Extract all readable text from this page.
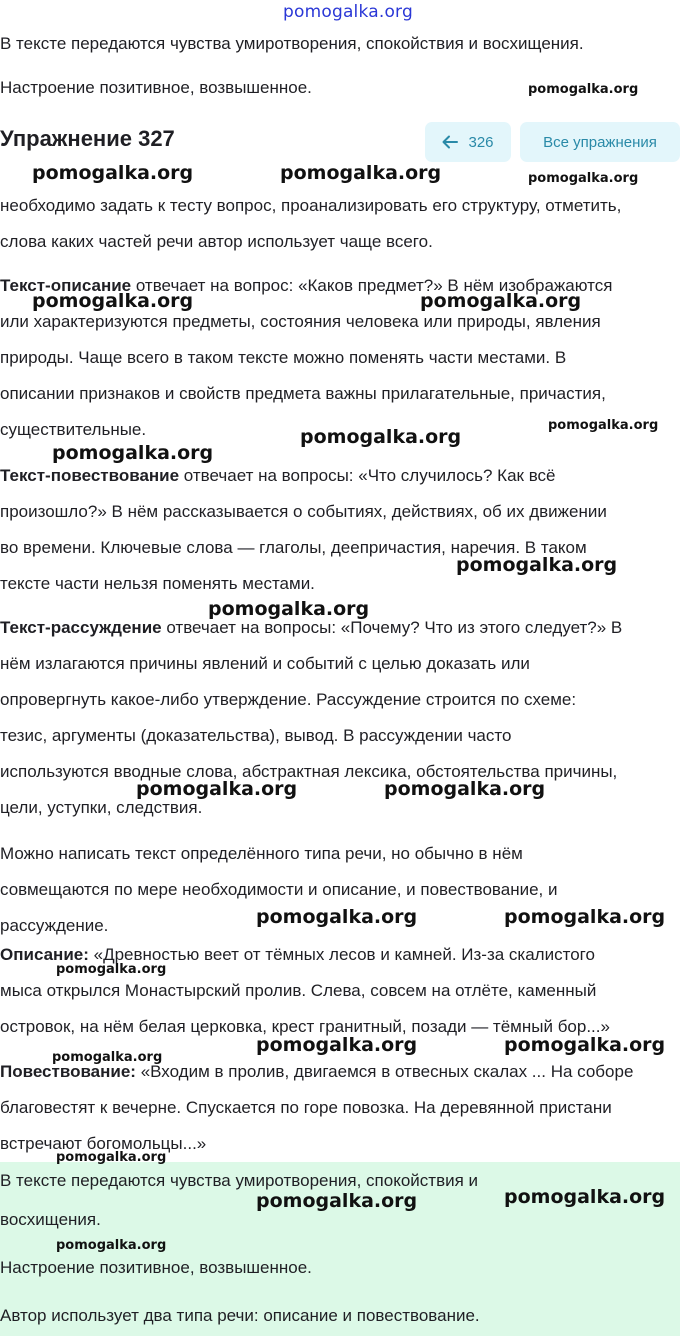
pomogalka.org

В тексте передаются чувства умиротворения, спокойствия и восхищения.

Настроение позитивное, возвышенное.

Упражнение 327	326	Все упражнения

необходимо задать к тесту вопрос, проанализировать его структуру, отметить,

слова каких частей речи автор использует чаще всего.

Текст-описание отвечает на вопрос: «Каков предмет?» В нём изображаются

или характеризуются предметы, состояния человека или природы, явления

природы. Чаще всего в таком тексте можно поменять части местами. В

описании признаков и свойств предмета важны прилагательные, причастия,

существительные.

Текст-повествование отвечает на вопросы: «Что случилось? Как всё

произошло?» В нём рассказывается о событиях, действиях, об их движении

во времени. Ключевые слова — глаголы, деепричастия, наречия. В таком

тексте части нельзя поменять местами.

Текст-рассуждение отвечает на вопросы: «Почему? Что из этого следует?» В

нём излагаются причины явлений и событий с целью доказать или

опровергнуть какое-либо утверждение. Рассуждение строится по схеме:

тезис, аргументы (доказательства), вывод. В рассуждении часто

используются вводные слова, абстрактная лексика, обстоятельства причины,

цели, уступки, следствия.

Можно написать текст определённого типа речи, но обычно в нём

совмещаются по мере необходимости и описание, и повествование, и

рассуждение.

Описание: «Древностью веет от тёмных лесов и камней. Из-за скалистого

мыса открылся Монастырский пролив. Слева, совсем на отлёте, каменный

островок, на нём белая церковка, крест гранитный, позади — тёмный бор...»

Повествование: «Входим в пролив, двигаемся в отвесных скалах ... На соборе

благовестят к вечерне. Спускается по горе повозка. На деревянной пристани

встречают богомольцы...»

В тексте передаются чувства умиротворения, спокойствия и

восхищения.

Настроение позитивное, возвышенное.

Автор использует два типа речи: описание и повествование.

pomogalka.org
pomogalka.org	pomogalka.org	pomogalka.org
pomogalka.org	pomogalka.org
pomogalka.org
pomogalka.org
pomogalka.org
pomogalka.org
pomogalka.org
pomogalka.org	pomogalka.org
pomogalka.org	pomogalka.org
pomogalka.org
pomogalka.org	pomogalka.org
pomogalka.org
pomogalka.org
pomogalka.org	pomogalka.org
pomogalka.org
